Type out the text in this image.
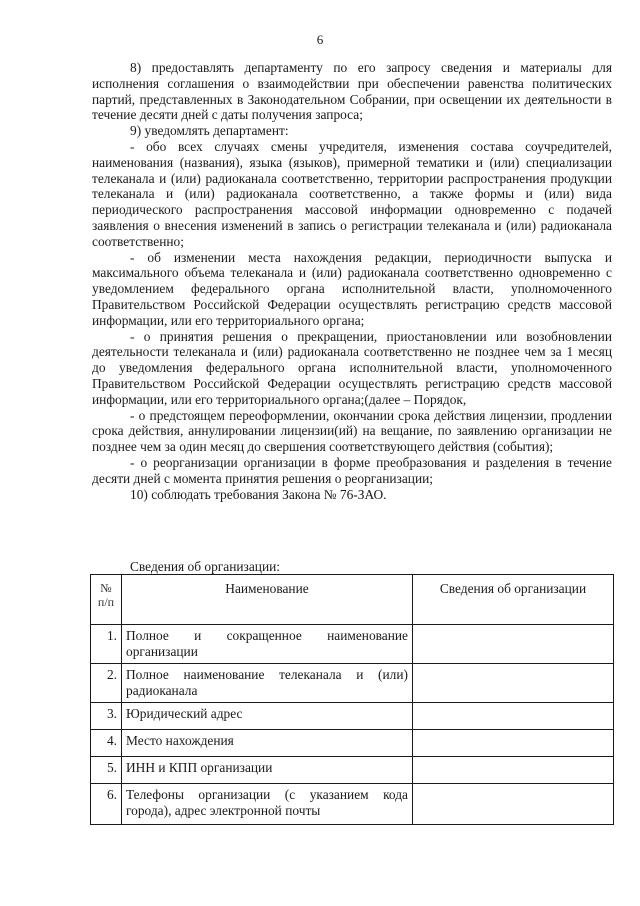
6

8) предоставлять департаменту по его запросу сведения и материалы для исполнения соглашения о взаимодействии при обеспечении равенства политических партий, представленных в Законодательном Собрании, при освещении их деятельности в течение десяти дней с даты получения запроса;

9) уведомлять департамент:

- обо всех случаях смены учредителя, изменения состава соучредителей, наименования (названия), языка (языков), примерной тематики и (или) специализации телеканала и (или) радиоканала соответственно, территории распространения продукции телеканала и (или) радиоканала соответственно, а также формы и (или) вида периодического распространения массовой информации одновременно с подачей заявления о внесения изменений в запись о регистрации телеканала и (или) радиоканала соответственно;

- об изменении места нахождения редакции, периодичности выпуска и максимального объема телеканала и (или) радиоканала соответственно одновременно с уведомлением федерального органа исполнительной власти, уполномоченного Правительством Российской Федерации осуществлять регистрацию средств массовой информации, или его территориального органа;

- о принятия решения о прекращении, приостановлении или возобновлении деятельности телеканала и (или) радиоканала соответственно не позднее чем за 1 месяц до уведомления федерального органа исполнительной власти, уполномоченного Правительством Российской Федерации осуществлять регистрацию средств массовой информации, или его территориального органа;(далее – Порядок,

- о предстоящем переоформлении, окончании срока действия лицензии, продлении срока действия, аннулировании лицензии(ий) на вещание, по заявлению организации не позднее чем за один месяц до свершения соответствующего действия (события);

- о реорганизации организации в форме преобразования и разделения в течение десяти дней с момента принятия решения о реорганизации;

10) соблюдать требования Закона № 76-ЗАО.

Сведения об организации:
№ п/п	Наименование	Сведения об организации
1.	Полное и сокращенное наименование организации	
2.	Полное наименование телеканала и (или) радиоканала	
3.	Юридический адрес	
4.	Место нахождения	
5.	ИНН и КПП организации	
6.	Телефоны организации (с указанием кода города), адрес электронной почты	
